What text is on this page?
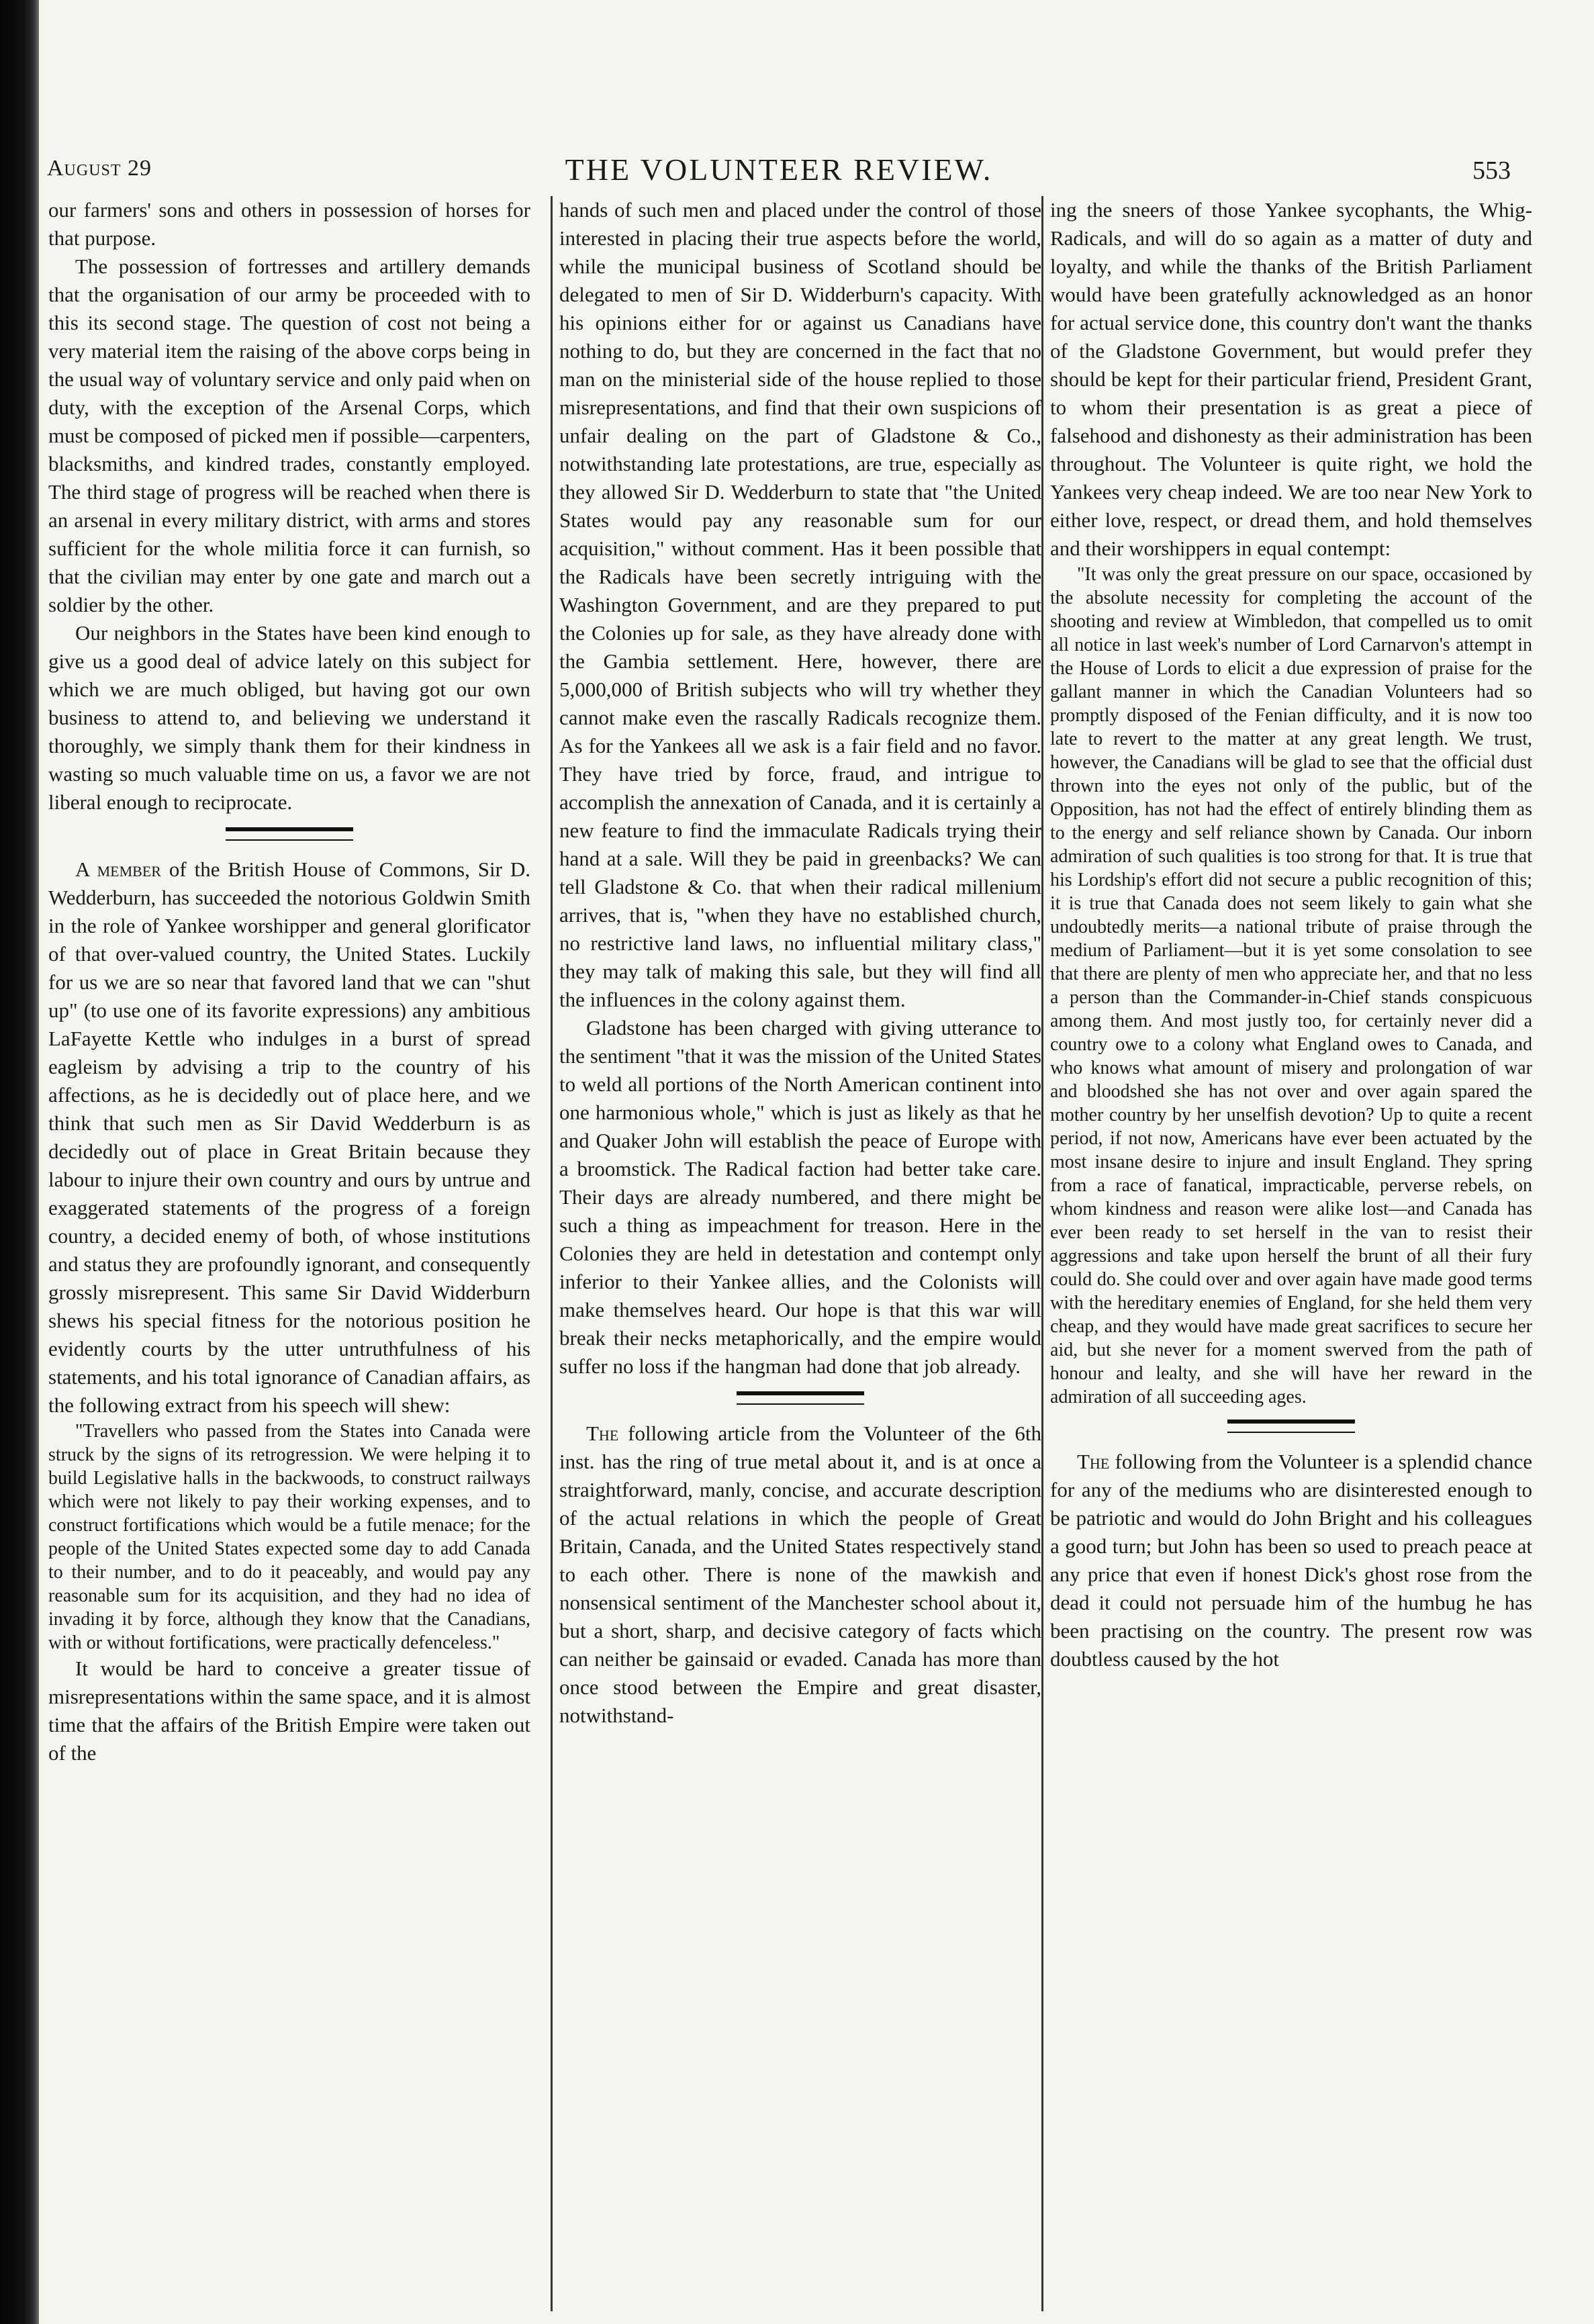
August 29	THE VOLUNTEER REVIEW.	553

our farmers' sons and others in possession of horses for that purpose.

The possession of fortresses and artillery demands that the organisation of our army be proceeded with to this its second stage. The question of cost not being a very material item the raising of the above corps being in the usual way of voluntary service and only paid when on duty, with the exception of the Arsenal Corps, which must be composed of picked men if possible—carpenters, blacksmiths, and kindred trades, constantly employed. The third stage of progress will be reached when there is an arsenal in every military district, with arms and stores sufficient for the whole militia force it can furnish, so that the civilian may enter by one gate and march out a soldier by the other.

Our neighbors in the States have been kind enough to give us a good deal of advice lately on this subject for which we are much obliged, but having got our own business to attend to, and believing we understand it thoroughly, we simply thank them for their kindness in wasting so much valuable time on us, a favor we are not liberal enough to reciprocate.

A member of the British House of Commons, Sir D. Wedderburn, has succeeded the notorious Goldwin Smith in the role of Yankee worshipper and general glorificator of that over-valued country, the United States. Luckily for us we are so near that favored land that we can "shut up" (to use one of its favorite expressions) any ambitious LaFayette Kettle who indulges in a burst of spread eagleism by advising a trip to the country of his affections, as he is decidedly out of place here, and we think that such men as Sir David Wedderburn is as decidedly out of place in Great Britain because they labour to injure their own country and ours by untrue and exaggerated statements of the progress of a foreign country, a decided enemy of both, of whose institutions and status they are profoundly ignorant, and consequently grossly misrepresent. This same Sir David Widderburn shews his special fitness for the notorious position he evidently courts by the utter untruthfulness of his statements, and his total ignorance of Canadian affairs, as the following extract from his speech will shew:

"Travellers who passed from the States into Canada were struck by the signs of its retrogression. We were helping it to build Legislative halls in the backwoods, to construct railways which were not likely to pay their working expenses, and to construct fortifications which would be a futile menace; for the people of the United States expected some day to add Canada to their number, and to do it peaceably, and would pay any reasonable sum for its acquisition, and they had no idea of invading it by force, although they know that the Canadians, with or without fortifications, were practically defenceless."

It would be hard to conceive a greater tissue of misrepresentations within the same space, and it is almost time that the affairs of the British Empire were taken out of the

hands of such men and placed under the control of those interested in placing their true aspects before the world, while the municipal business of Scotland should be delegated to men of Sir D. Widderburn's capacity. With his opinions either for or against us Canadians have nothing to do, but they are concerned in the fact that no man on the ministerial side of the house replied to those misrepresentations, and find that their own suspicions of unfair dealing on the part of Gladstone & Co., notwithstanding late protestations, are true, especially as they allowed Sir D. Wedderburn to state that "the United States would pay any reasonable sum for our acquisition," without comment. Has it been possible that the Radicals have been secretly intriguing with the Washington Government, and are they prepared to put the Colonies up for sale, as they have already done with the Gambia settlement. Here, however, there are 5,000,000 of British subjects who will try whether they cannot make even the rascally Radicals recognize them. As for the Yankees all we ask is a fair field and no favor. They have tried by force, fraud, and intrigue to accomplish the annexation of Canada, and it is certainly a new feature to find the immaculate Radicals trying their hand at a sale. Will they be paid in greenbacks? We can tell Gladstone & Co. that when their radical millenium arrives, that is, "when they have no established church, no restrictive land laws, no influential military class," they may talk of making this sale, but they will find all the influences in the colony against them.

Gladstone has been charged with giving utterance to the sentiment "that it was the mission of the United States to weld all portions of the North American continent into one harmonious whole," which is just as likely as that he and Quaker John will establish the peace of Europe with a broomstick. The Radical faction had better take care. Their days are already numbered, and there might be such a thing as impeachment for treason. Here in the Colonies they are held in detestation and contempt only inferior to their Yankee allies, and the Colonists will make themselves heard. Our hope is that this war will break their necks metaphorically, and the empire would suffer no loss if the hangman had done that job already.

The following article from the Volunteer of the 6th inst. has the ring of true metal about it, and is at once a straightforward, manly, concise, and accurate description of the actual relations in which the people of Great Britain, Canada, and the United States respectively stand to each other. There is none of the mawkish and nonsensical sentiment of the Manchester school about it, but a short, sharp, and decisive category of facts which can neither be gainsaid or evaded. Canada has more than once stood between the Empire and great disaster, notwithstand-

ing the sneers of those Yankee sycophants, the Whig-Radicals, and will do so again as a matter of duty and loyalty, and while the thanks of the British Parliament would have been gratefully acknowledged as an honor for actual service done, this country don't want the thanks of the Gladstone Government, but would prefer they should be kept for their particular friend, President Grant, to whom their presentation is as great a piece of falsehood and dishonesty as their administration has been throughout. The Volunteer is quite right, we hold the Yankees very cheap indeed. We are too near New York to either love, respect, or dread them, and hold themselves and their worshippers in equal contempt:

"It was only the great pressure on our space, occasioned by the absolute necessity for completing the account of the shooting and review at Wimbledon, that compelled us to omit all notice in last week's number of Lord Carnarvon's attempt in the House of Lords to elicit a due expression of praise for the gallant manner in which the Canadian Volunteers had so promptly disposed of the Fenian difficulty, and it is now too late to revert to the matter at any great length. We trust, however, the Canadians will be glad to see that the official dust thrown into the eyes not only of the public, but of the Opposition, has not had the effect of entirely blinding them as to the energy and self reliance shown by Canada. Our inborn admiration of such qualities is too strong for that. It is true that his Lordship's effort did not secure a public recognition of this; it is true that Canada does not seem likely to gain what she undoubtedly merits—a national tribute of praise through the medium of Parliament—but it is yet some consolation to see that there are plenty of men who appreciate her, and that no less a person than the Commander-in-Chief stands conspicuous among them. And most justly too, for certainly never did a country owe to a colony what England owes to Canada, and who knows what amount of misery and prolongation of war and bloodshed she has not over and over again spared the mother country by her unselfish devotion? Up to quite a recent period, if not now, Americans have ever been actuated by the most insane desire to injure and insult England. They spring from a race of fanatical, impracticable, perverse rebels, on whom kindness and reason were alike lost—and Canada has ever been ready to set herself in the van to resist their aggressions and take upon herself the brunt of all their fury could do. She could over and over again have made good terms with the hereditary enemies of England, for she held them very cheap, and they would have made great sacrifices to secure her aid, but she never for a moment swerved from the path of honour and lealty, and she will have her reward in the admiration of all succeeding ages.

The following from the Volunteer is a splendid chance for any of the mediums who are disinterested enough to be patriotic and would do John Bright and his colleagues a good turn; but John has been so used to preach peace at any price that even if honest Dick's ghost rose from the dead it could not persuade him of the humbug he has been practising on the country. The present row was doubtless caused by the hot
